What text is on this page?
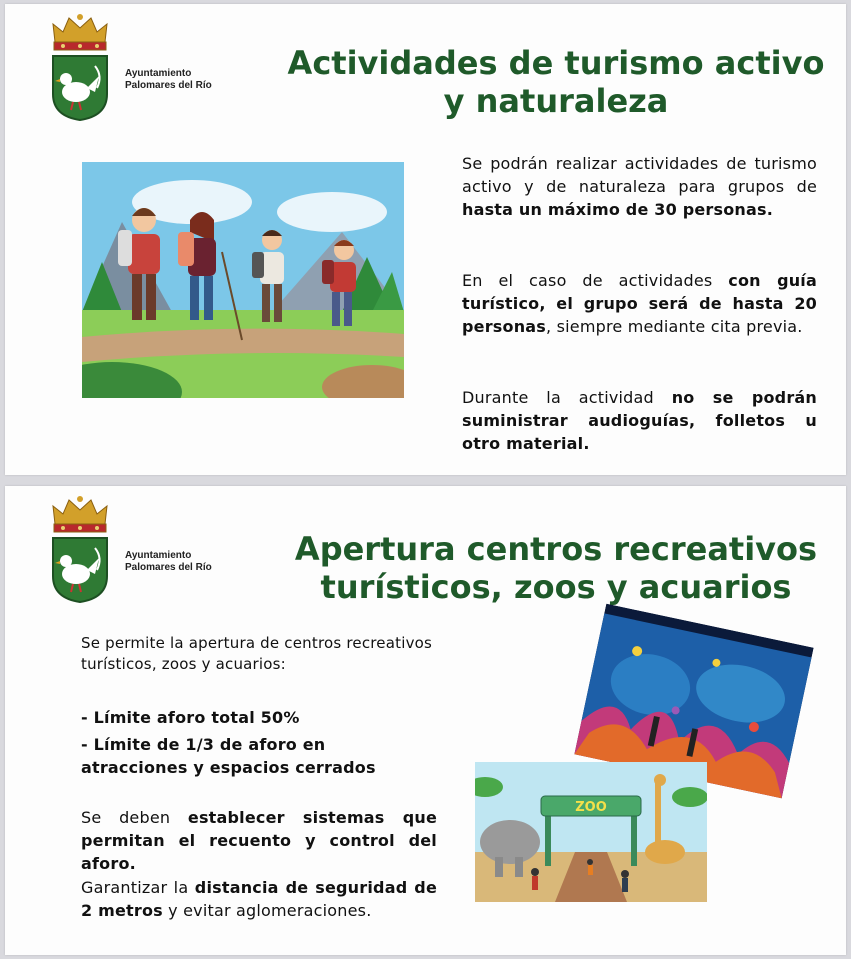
Ayuntamiento
Palomares del Río
Actividades de turismo activo
y naturaleza
Se podrán realizar actividades de turismo activo y de naturaleza para grupos de hasta un máximo de 30 personas.
En el caso de actividades con guía turístico, el grupo será de hasta 20 personas, siempre mediante cita previa.
Durante la actividad no se podrán suministrar audioguías, folletos u otro material.
Ayuntamiento
Palomares del Río	Apertura centros recreativos
turísticos, zoos y acuarios
Se permite la apertura de centros recreativos turísticos, zoos y acuarios:
- Límite aforo total 50%
- Límite de 1/3 de aforo en atracciones y espacios cerrados
Se deben establecer sistemas que permitan el recuento y control del aforo.
Garantizar la distancia de seguridad de 2 metros y evitar aglomeraciones.
ZOO
